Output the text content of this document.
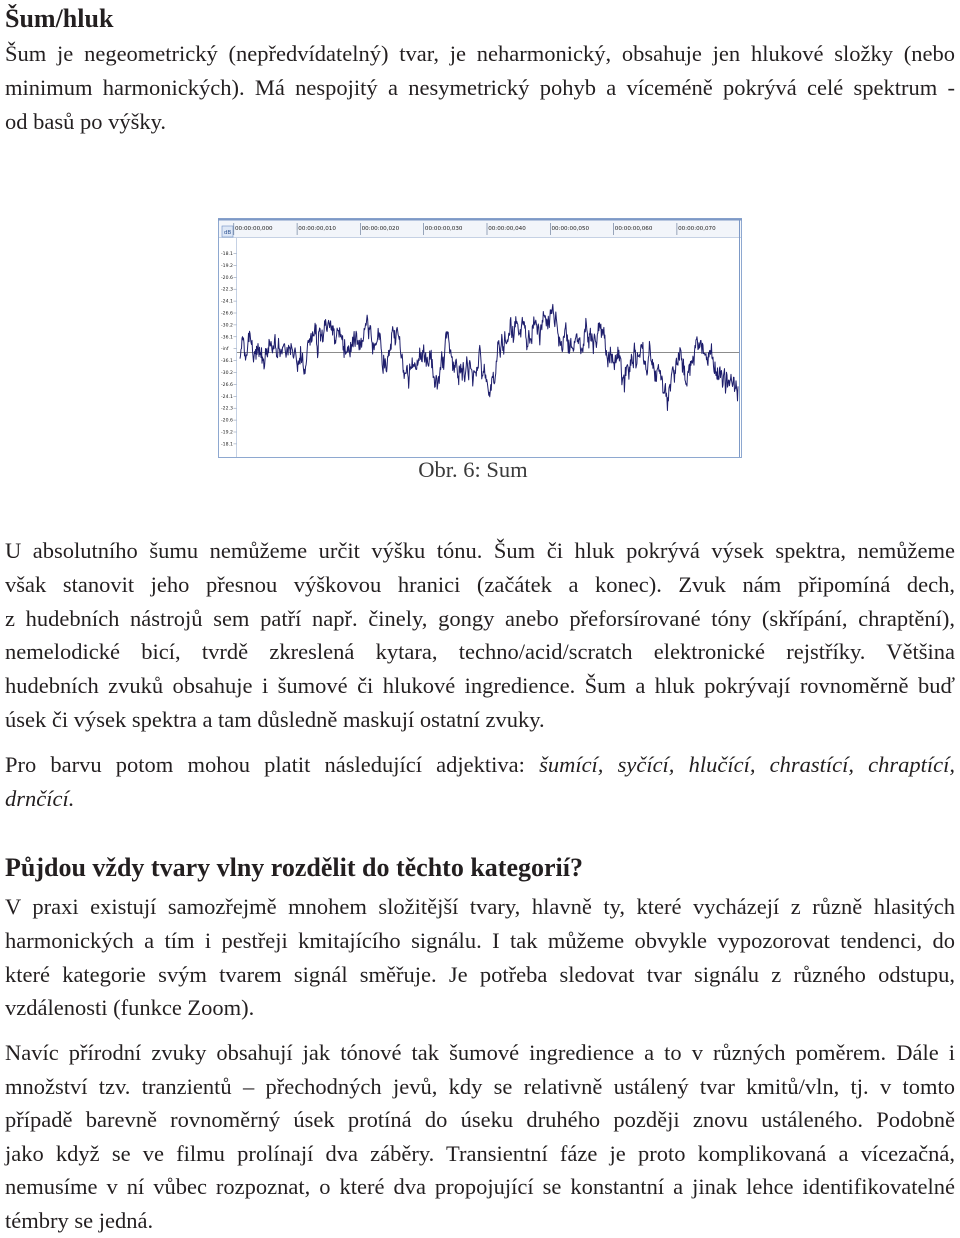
Šum/hluk
Šum je negeometrický (nepředvídatelný) tvar, je neharmonický, obsahuje jen hlukové složky (nebo
minimum harmonických). Má nespojitý a nesymetrický pohyb a víceméně pokrývá celé spektrum -
od basů po výšky.
00:00:00,000	00:00:00,010	00:00:00,020	00:00:00,030	00:00:00,040	00:00:00,050	00:00:00,060	00:00:00,070
dB
-18.1
-19.2
-20.6
-22.3
-24.1
-26.6
-30.2
-36.1
-inf
-36.1
-30.2
-26.6
-24.1
-22.3
-20.6
-19.2
-18.1
Obr. 6: Sum
U absolutního šumu nemůžeme určit výšku tónu. Šum či hluk pokrývá výsek spektra, nemůžeme
však stanovit jeho přesnou výškovou hranici (začátek a konec). Zvuk nám připomíná dech,
z hudebních nástrojů sem patří např. činely, gongy anebo přeforsírované tóny (skřípání, chraptění),
nemelodické bicí, tvrdě zkreslená kytara, techno/acid/scratch elektronické rejstříky. Většina
hudebních zvuků obsahuje i šumové či hlukové ingredience. Šum a hluk pokrývají rovnoměrně buď
úsek či výsek spektra a tam důsledně maskují ostatní zvuky.
Pro barvu potom mohou platit následující adjektiva: šumící, syčící, hlučící, chrastící, chraptící,
drnčící.
Půjdou vždy tvary vlny rozdělit do těchto kategorií?
V praxi existují samozřejmě mnohem složitější tvary, hlavně ty, které vycházejí z různě hlasitých
harmonických a tím i pestřeji kmitajícího signálu. I tak můžeme obvykle vypozorovat tendenci, do
které kategorie svým tvarem signál směřuje. Je potřeba sledovat tvar signálu z různého odstupu,
vzdálenosti (funkce Zoom).
Navíc přírodní zvuky obsahují jak tónové tak šumové ingredience a to v různých poměrem. Dále i
množství tzv. tranzientů – přechodných jevů, kdy se relativně ustálený tvar kmitů/vln, tj. v tomto
případě barevně rovnoměrný úsek protíná do úseku druhého později znovu ustáleného. Podobně
jako když se ve filmu prolínají dva záběry. Transientní fáze je proto komplikovaná a vícezačná,
nemusíme v ní vůbec rozpoznat, o které dva propojující se konstantní a jinak lehce identifikovatelné
témbry se jedná.
